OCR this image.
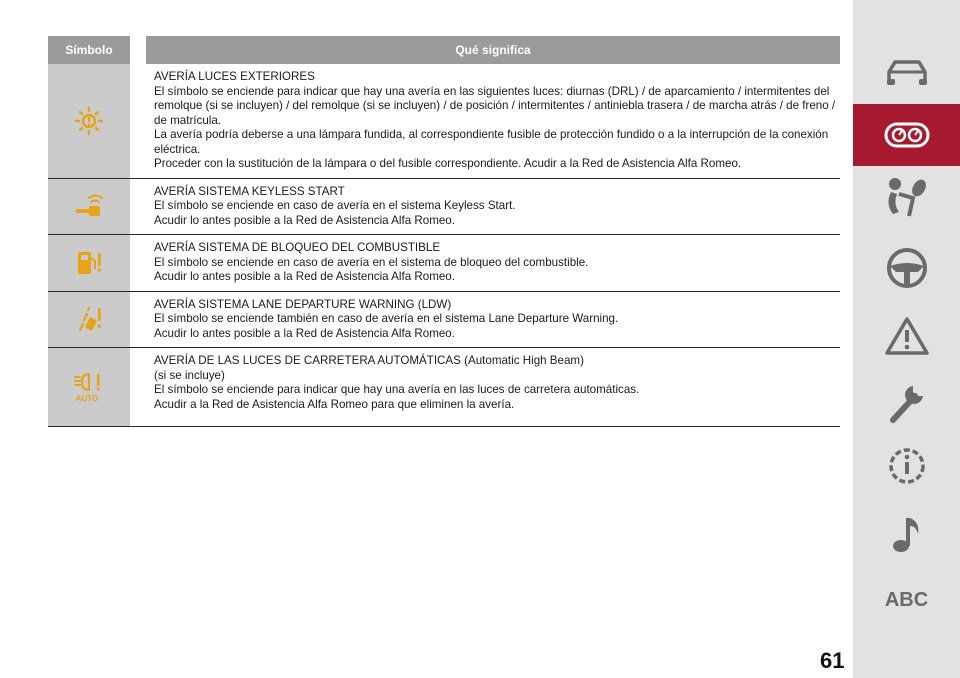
Símbolo	Qué significa
AVERÍA LUCES EXTERIORES
El símbolo se enciende para indicar que hay una avería en las siguientes luces: diurnas (DRL) / de aparcamiento / intermitentes del remolque (si se incluyen) / del remolque (si se incluyen) / de posición / intermitentes / antiniebla trasera / de marcha atrás / de freno / de matrícula.
La avería podría deberse a una lámpara fundida, al correspondiente fusible de protección fundido o a la interrupción de la conexión eléctrica.
Proceder con la sustitución de la lámpara o del fusible correspondiente. Acudir a la Red de Asistencia Alfa Romeo.
AVERÍA SISTEMA KEYLESS START
El símbolo se enciende en caso de avería en el sistema Keyless Start.
Acudir lo antes posible a la Red de Asistencia Alfa Romeo.
AVERÍA SISTEMA DE BLOQUEO DEL COMBUSTIBLE
El símbolo se enciende en caso de avería en el sistema de bloqueo del combustible.
Acudir lo antes posible a la Red de Asistencia Alfa Romeo.
AVERÍA SISTEMA LANE DEPARTURE WARNING (LDW)
El símbolo se enciende también en caso de avería en el sistema Lane Departure Warning.
Acudir lo antes posible a la Red de Asistencia Alfa Romeo.
AUTO
AVERÍA DE LAS LUCES DE CARRETERA AUTOMÁTICAS (Automatic High Beam)
(si se incluye)
El símbolo se enciende para indicar que hay una avería en las luces de carretera automáticas.
Acudir a la Red de Asistencia Alfa Romeo para que eliminen la avería.
ABC
61
